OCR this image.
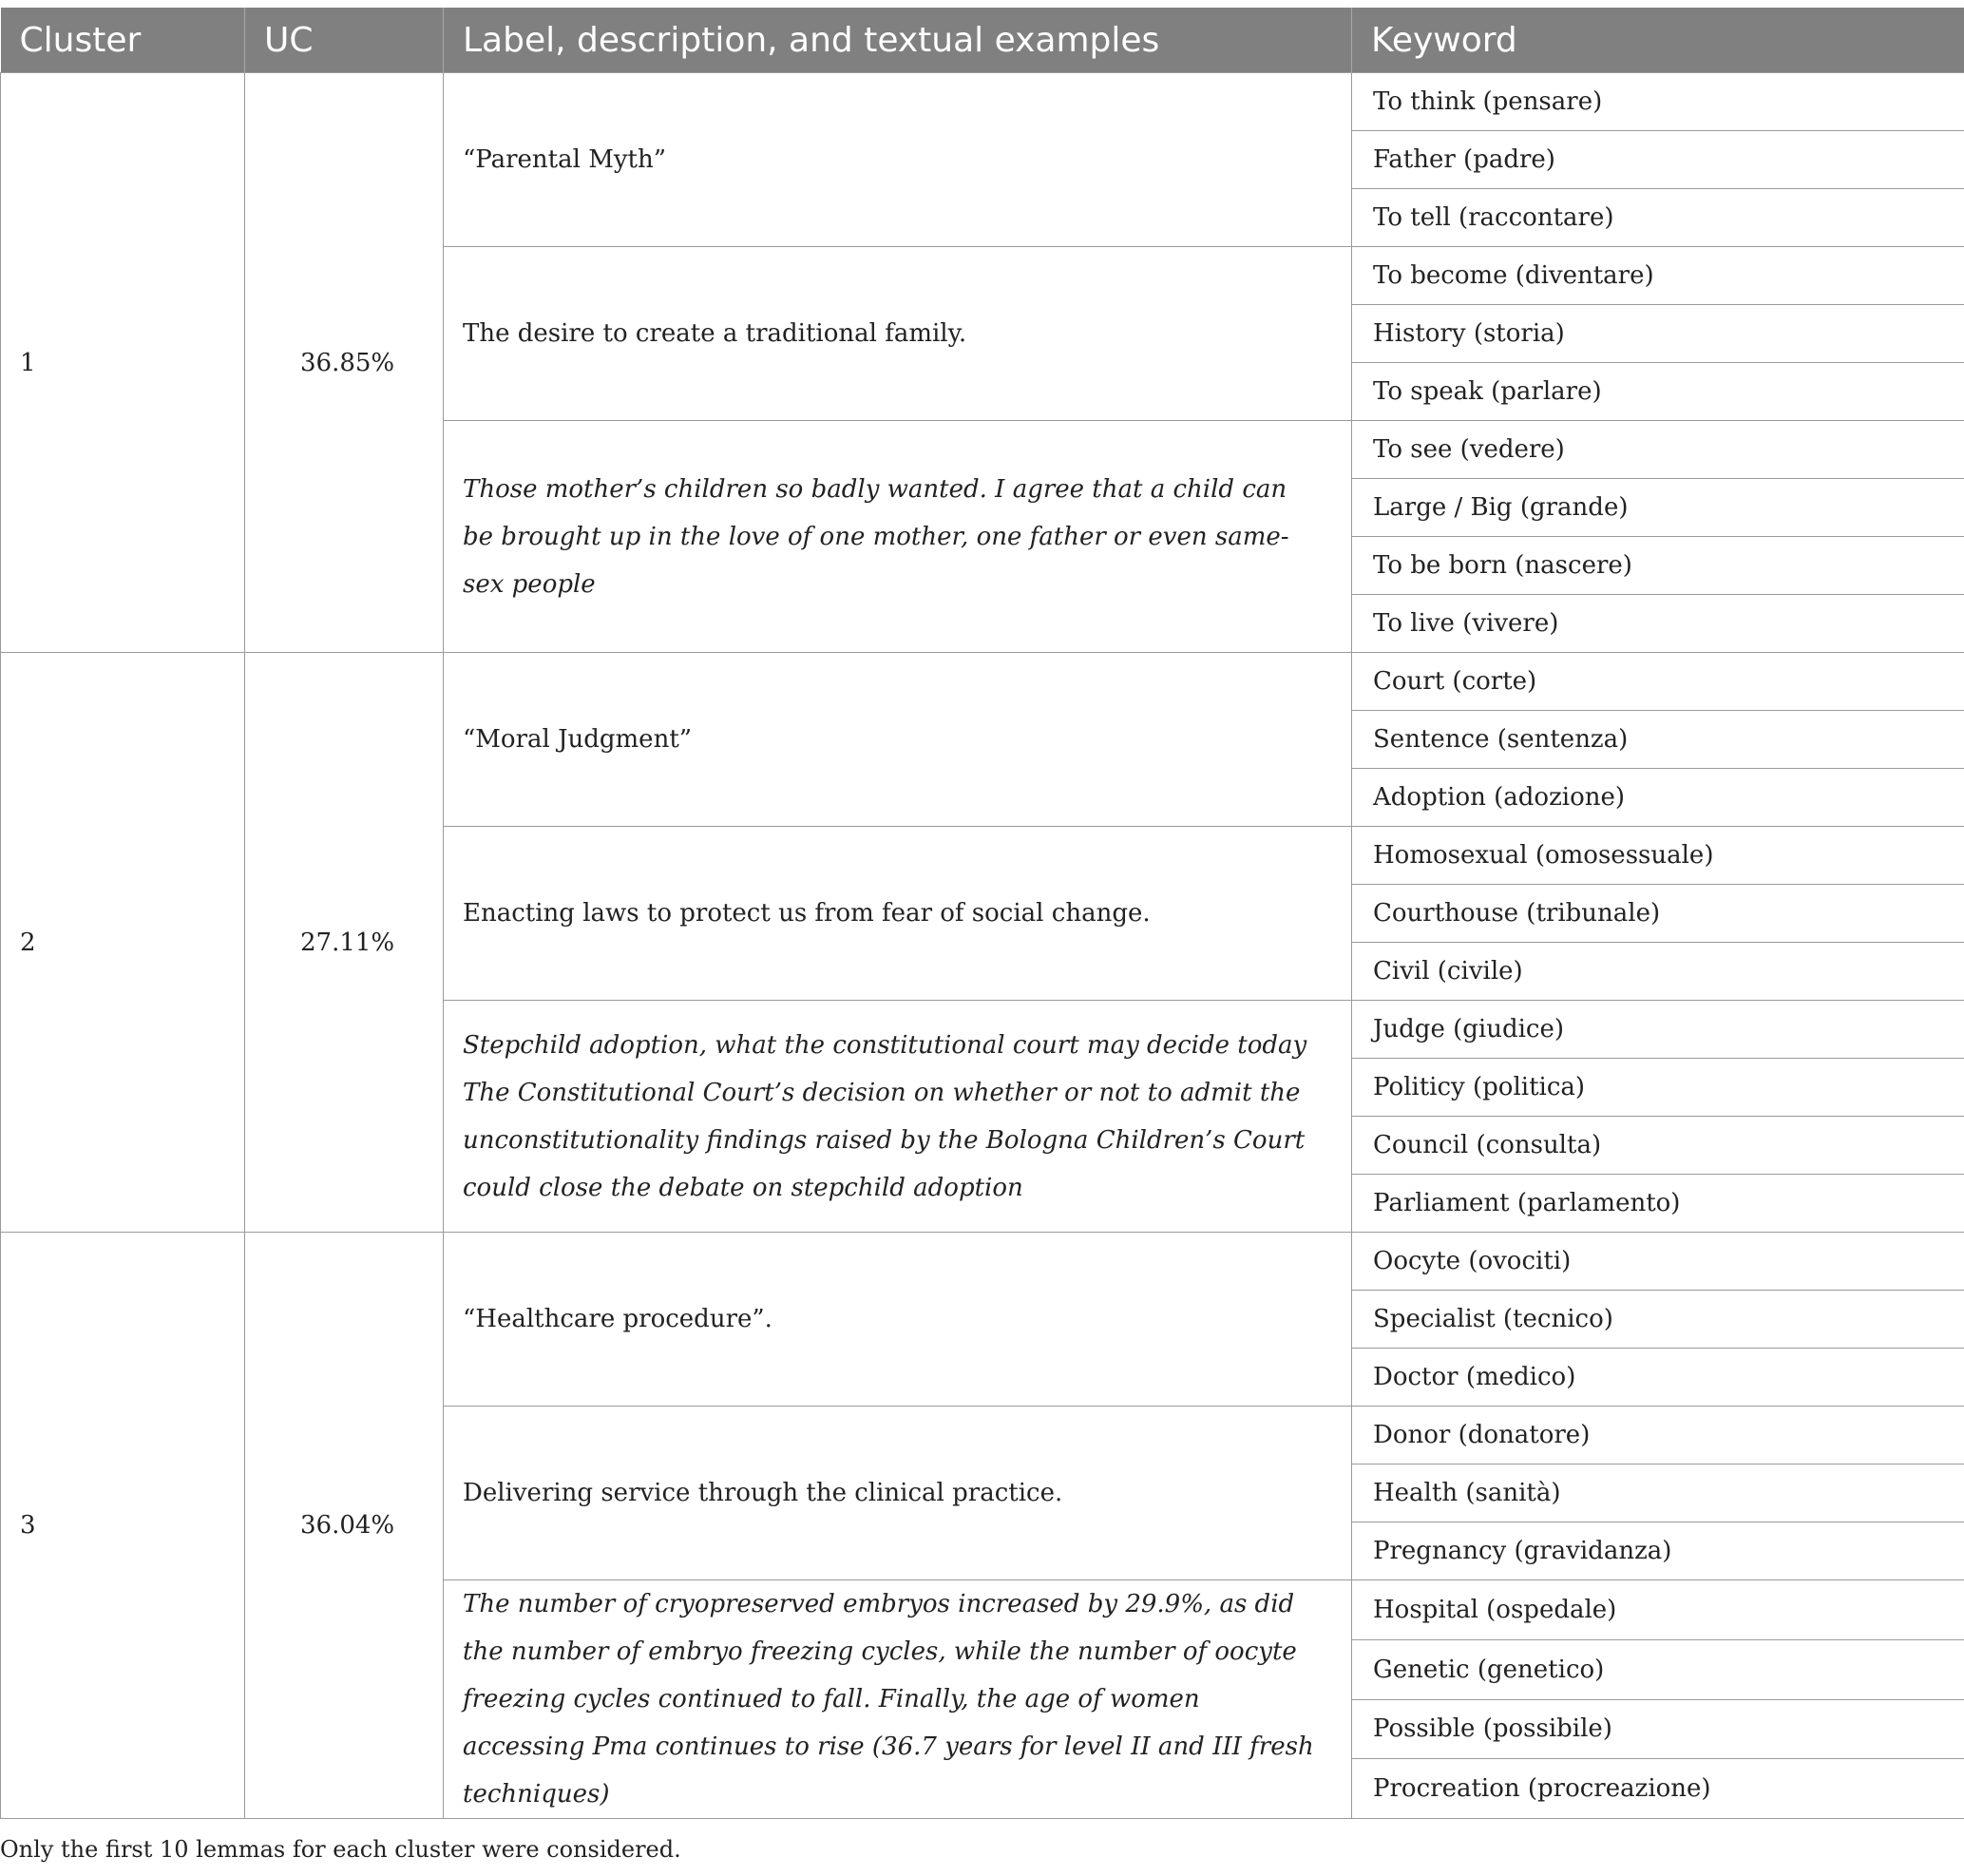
Cluster	UC	Label, description, and textual examples	Keyword
1	36.85%	“Parental Myth”	To think (pensare)
			Father (padre)
			To tell (raccontare)
		The desire to create a traditional family.	To become (diventare)
			History (storia)
			To speak (parlare)
		Those mother’s children so badly wanted. I agree that a child can be brought up in the love of one mother, one father or even same-sex people	To see (vedere)
			Large / Big (grande)
			To be born (nascere)
			To live (vivere)
2	27.11%	“Moral Judgment”	Court (corte)
			Sentence (sentenza)
			Adoption (adozione)
		Enacting laws to protect us from fear of social change.	Homosexual (omosessuale)
			Courthouse (tribunale)
			Civil (civile)
		Stepchild adoption, what the constitutional court may decide today The Constitutional Court’s decision on whether or not to admit the unconstitutionality findings raised by the Bologna Children’s Court could close the debate on stepchild adoption	Judge (giudice)
			Politicy (politica)
			Council (consulta)
			Parliament (parlamento)
3	36.04%	“Healthcare procedure”.	Oocyte (ovociti)
			Specialist (tecnico)
			Doctor (medico)
		Delivering service through the clinical practice.	Donor (donatore)
			Health (sanità)
			Pregnancy (gravidanza)
		The number of cryopreserved embryos increased by 29.9%, as did the number of embryo freezing cycles, while the number of oocyte freezing cycles continued to fall. Finally, the age of women accessing Pma continues to rise (36.7 years for level II and III fresh techniques)	Hospital (ospedale)
			Genetic (genetico)
			Possible (possibile)
			Procreation (procreazione)
Only the first 10 lemmas for each cluster were considered.
